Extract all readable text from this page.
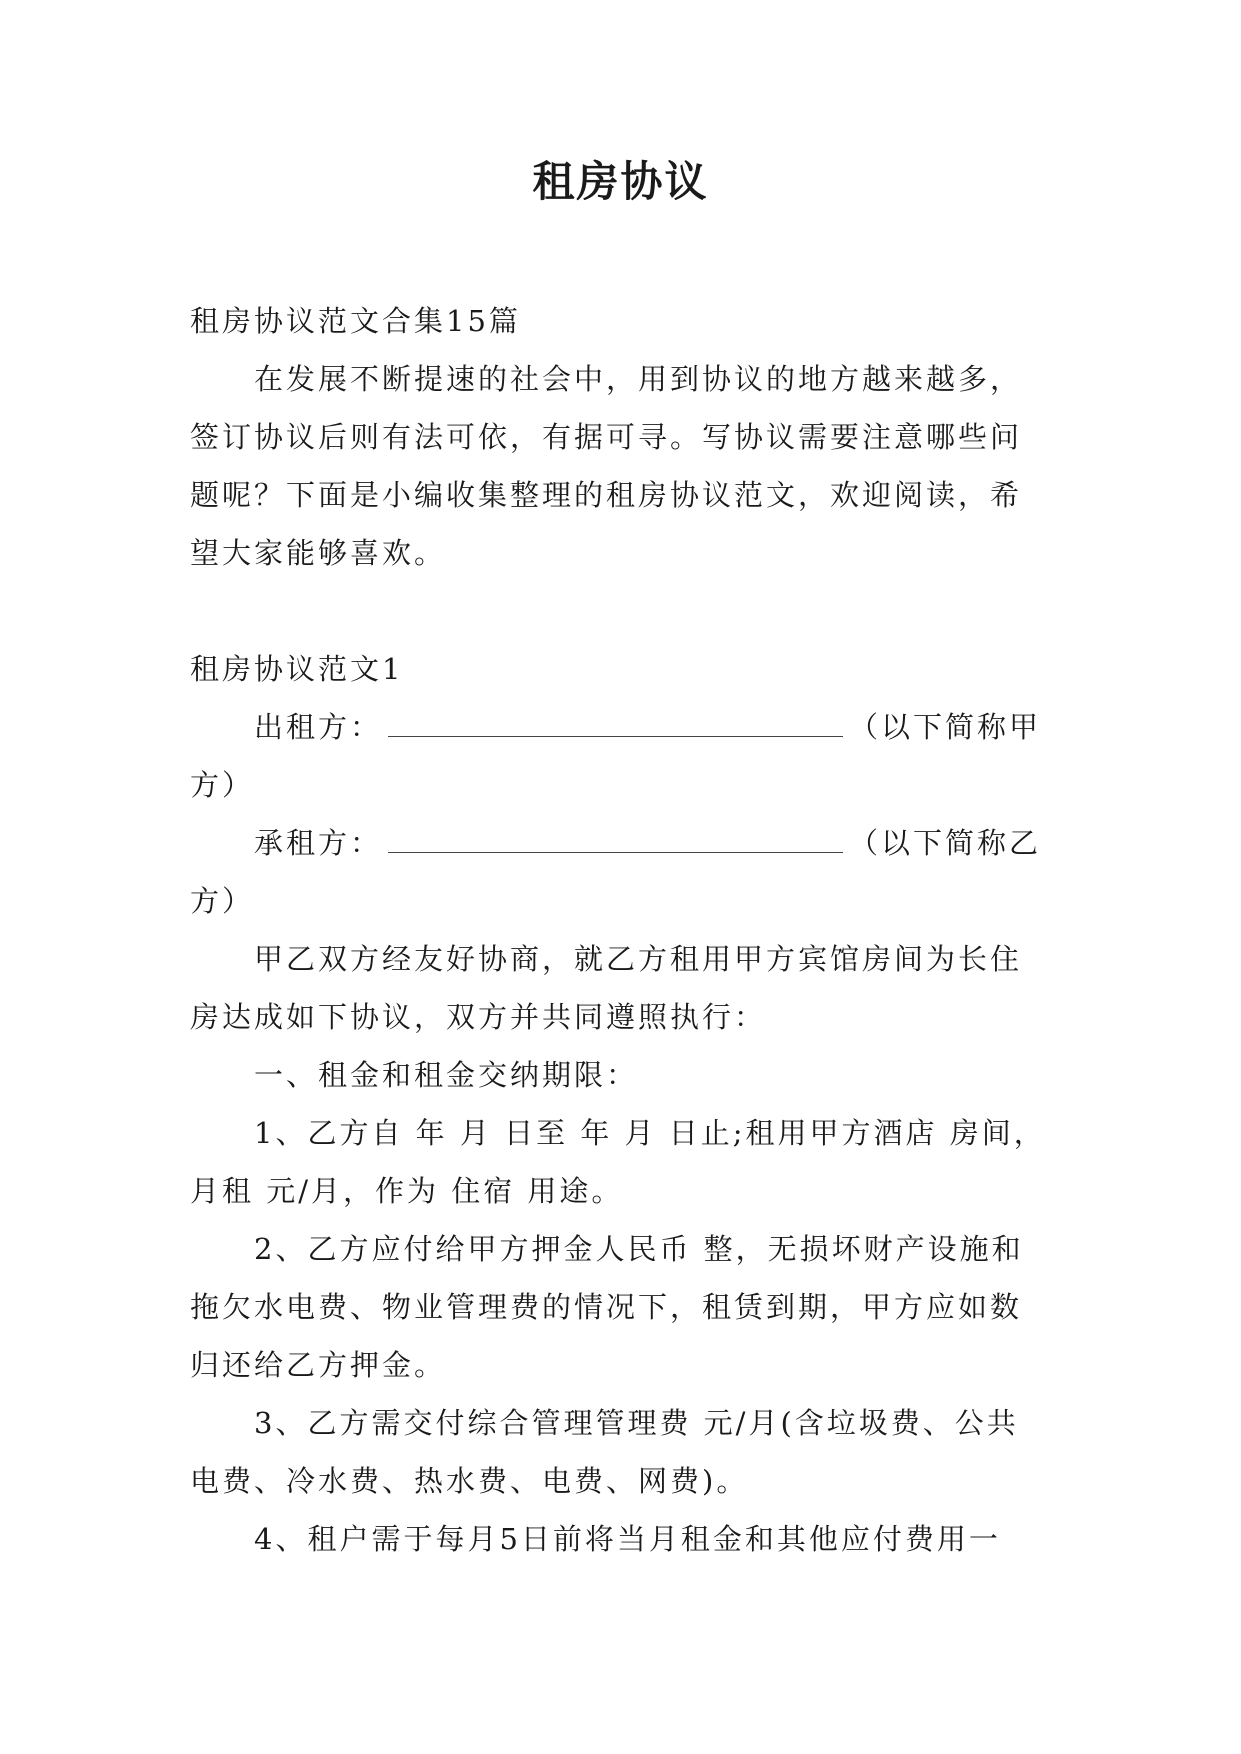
租房协议

租房协议范文合集15篇

在发展不断提速的社会中，用到协议的地方越来越多，签订协议后则有法可依，有据可寻。写协议需要注意哪些问题呢？下面是小编收集整理的租房协议范文，欢迎阅读，希望大家能够喜欢。

租房协议范文1

出租方：	（以下简称甲方）

承租方：	（以下简称乙方）

甲乙双方经友好协商，就乙方租用甲方宾馆房间为长住房达成如下协议，双方并共同遵照执行：

一、租金和租金交纳期限：

1、乙方自 年 月 日至 年 月 日止;租用甲方酒店 房间，月租 元/月，作为 住宿 用途。

2、乙方应付给甲方押金人民币 整，无损坏财产设施和拖欠水电费、物业管理费的情况下，租赁到期，甲方应如数归还给乙方押金。

3、乙方需交付综合管理管理费 元/月(含垃圾费、公共电费、冷水费、热水费、电费、网费)。

4、租户需于每月5日前将当月租金和其他应付费用一
